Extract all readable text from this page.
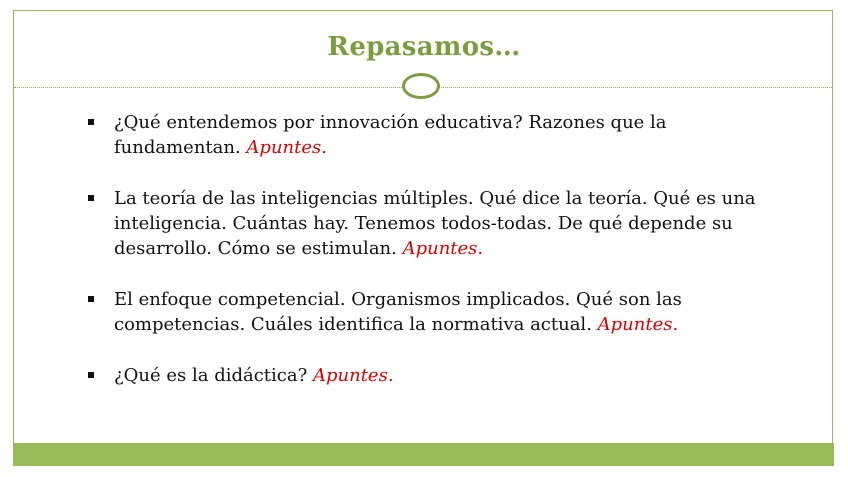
Repasamos…
¿Qué entendemos por innovación educativa? Razones que la fundamentan. Apuntes.
La teoría de las inteligencias múltiples. Qué dice la teoría. Qué es una inteligencia. Cuántas hay. Tenemos todos-todas. De qué depende su desarrollo. Cómo se estimulan. Apuntes.
El enfoque competencial. Organismos implicados. Qué son las competencias. Cuáles identifica la normativa actual. Apuntes.
¿Qué es la didáctica? Apuntes.
